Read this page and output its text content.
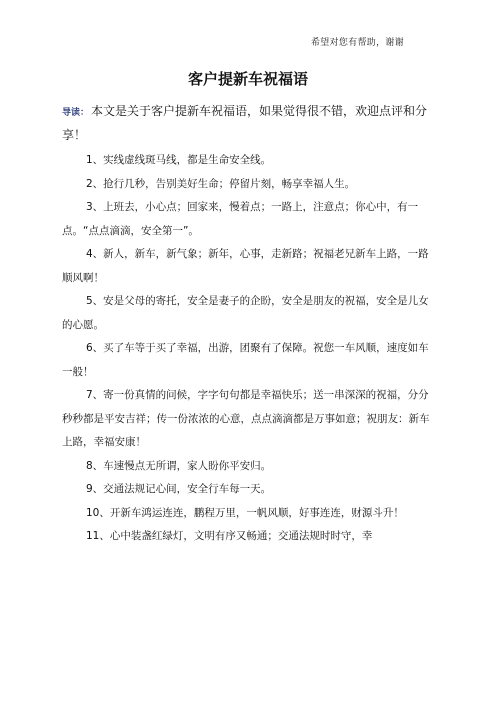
希望对您有帮助，谢谢
客户提新车祝福语

导读： 本文是关于客户提新车祝福语，如果觉得很不错，欢迎点评和分享！

1、实线虚线斑马线，都是生命安全线。

2、抢行几秒，告别美好生命；停留片刻，畅享幸福人生。

3、上班去，小心点；回家来，慢着点；一路上，注意点；你心中，有一点。“点点滴滴，安全第一”。

4、新人，新车，新气象；新年，心事，走新路；祝福老兄新车上路，一路顺风啊！

5、安是父母的寄托，安全是妻子的企盼，安全是朋友的祝福，安全是儿女的心愿。

6、买了车等于买了幸福，出游，团聚有了保障。祝您一车风顺，速度如车一般！

7、寄一份真情的问候，字字句句都是幸福快乐；送一串深深的祝福，分分秒秒都是平安吉祥；传一份浓浓的心意，点点滴滴都是万事如意；祝朋友：新车上路，幸福安康！

8、车速慢点无所谓，家人盼你平安归。

9、交通法规记心间，安全行车每一天。

10、开新车鸿运连连，鹏程万里，一帆风顺，好事连连，财源斗升！

11、心中装盏红绿灯，文明有序又畅通；交通法规时时守，幸
